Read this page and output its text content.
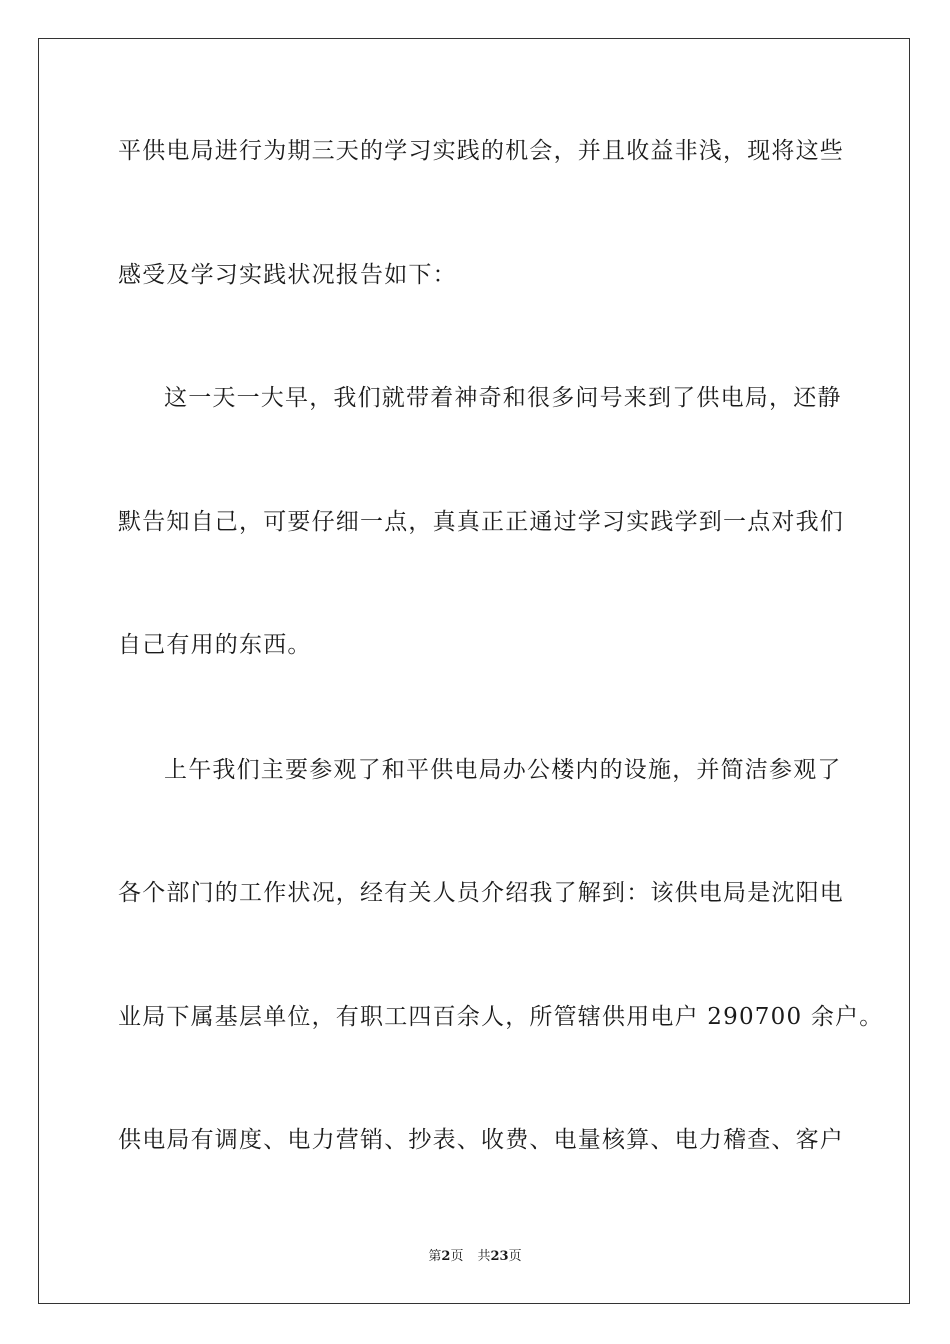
平供电局进行为期三天的学习实践的机会，并且收益非浅，现将这些
感受及学习实践状况报告如下：
这一天一大早，我们就带着神奇和很多问号来到了供电局，还静
默告知自己，可要仔细一点，真真正正通过学习实践学到一点对我们
自己有用的东西。
上午我们主要参观了和平供电局办公楼内的设施，并简洁参观了
各个部门的工作状况，经有关人员介绍我了解到：该供电局是沈阳电
业局下属基层单位，有职工四百余人，所管辖供用电户 290700 余户。
供电局有调度、电力营销、抄表、收费、电量核算、电力稽查、客户
第2页 共23页
